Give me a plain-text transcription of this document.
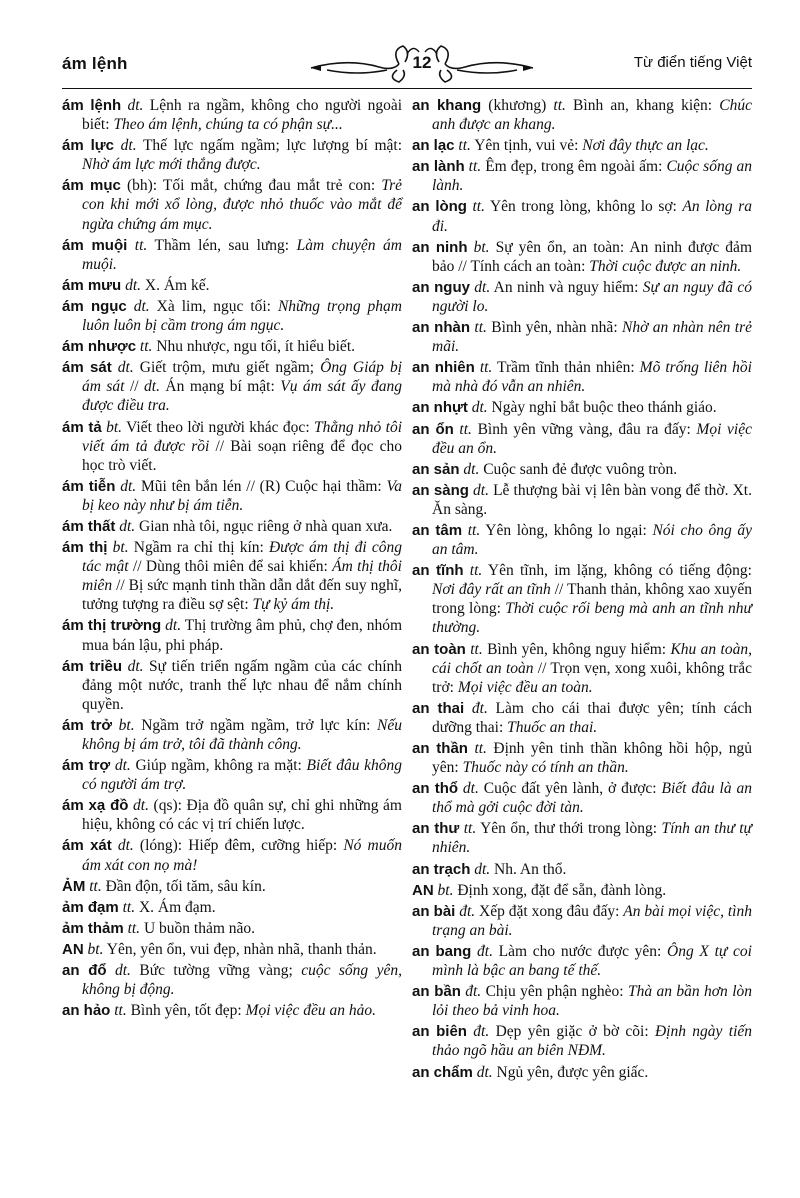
ám lệnh	12	Từ điển tiếng Việt
ám lệnh dt. Lệnh ra ngầm, không cho người ngoài biết: Theo ám lệnh, chúng ta có phận sự...
ám lực dt. Thế lực ngấm ngầm; lực lượng bí mật: Nhờ ám lực mới thắng được.
ám mục (bh): Tối mắt, chứng đau mắt trẻ con: Trẻ con khi mới xổ lòng, được nhỏ thuốc vào mắt để ngừa chứng ám mục.
ám muội tt. Thầm lén, sau lưng: Làm chuyện ám muội.
ám mưu dt. X. Ám kế.
ám ngục dt. Xà lim, ngục tối: Những trọng phạm luôn luôn bị cầm trong ám ngục.
ám nhược tt. Nhu nhược, ngu tối, ít hiểu biết.
ám sát dt. Giết trộm, mưu giết ngầm; Ông Giáp bị ám sát // dt. Án mạng bí mật: Vụ ám sát ấy đang được điều tra.
ám tả bt. Viết theo lời người khác đọc: Thằng nhỏ tôi viết ám tả được rồi // Bài soạn riêng để đọc cho học trò viết.
ám tiễn dt. Mũi tên bắn lén // (R) Cuộc hại thầm: Va bị keo này như bị ám tiễn.
ám thất dt. Gian nhà tôi, ngục riêng ở nhà quan xưa.
ám thị bt. Ngầm ra chỉ thị kín: Được ám thị đi công tác mật // Dùng thôi miên để sai khiến: Ám thị thôi miên // Bị sức mạnh tinh thần dẫn dắt đến suy nghĩ, tưởng tượng ra điều sợ sệt: Tự kỷ ám thị.
ám thị trường dt. Thị trường âm phủ, chợ đen, nhóm mua bán lậu, phi pháp.
ám triều dt. Sự tiến triển ngấm ngầm của các chính đảng một nước, tranh thế lực nhau để nắm chính quyền.
ám trở bt. Ngầm trở ngầm ngầm, trở lực kín: Nếu không bị ám trở, tôi đã thành công.
ám trợ dt. Giúp ngầm, không ra mặt: Biết đâu không có người ám trợ.
ám xạ đồ dt. (qs): Địa đồ quân sự, chỉ ghi những ám hiệu, không có các vị trí chiến lược.
ám xát dt. (lóng): Hiếp đêm, cưỡng hiếp: Nó muốn ám xát con nọ mà!
ẢM tt. Đần độn, tối tăm, sâu kín.
ảm đạm tt. X. Ám đạm.
ảm thảm tt. U buồn thảm não.
AN bt. Yên, yên ổn, vui đẹp, nhàn nhã, thanh thản.
an đổ dt. Bức tường vững vàng; cuộc sống yên, không bị động.
an hảo tt. Bình yên, tốt đẹp: Mọi việc đều an hảo.
an khang (khương) tt. Bình an, khang kiện: Chúc anh được an khang.
an lạc tt. Yên tịnh, vui vẻ: Nơi đây thực an lạc.
an lành tt. Êm đẹp, trong êm ngoài ấm: Cuộc sống an lành.
an lòng tt. Yên trong lòng, không lo sợ: An lòng ra đi.
an ninh bt. Sự yên ổn, an toàn: An ninh được đảm bảo // Tính cách an toàn: Thời cuộc được an ninh.
an nguy dt. An ninh và nguy hiểm: Sự an nguy đã có người lo.
an nhàn tt. Bình yên, nhàn nhã: Nhờ an nhàn nên trẻ mãi.
an nhiên tt. Trầm tĩnh thản nhiên: Mõ trống liên hồi mà nhà đó vẫn an nhiên.
an nhựt dt. Ngày nghỉ bắt buộc theo thánh giáo.
an ổn tt. Bình yên vững vàng, đâu ra đấy: Mọi việc đều an ổn.
an sản dt. Cuộc sanh đẻ được vuông tròn.
an sàng dt. Lễ thượng bài vị lên bàn vong để thờ. Xt. Ăn sàng.
an tâm tt. Yên lòng, không lo ngại: Nói cho ông ấy an tâm.
an tĩnh tt. Yên tĩnh, im lặng, không có tiếng động: Nơi đây rất an tĩnh // Thanh thản, không xao xuyến trong lòng: Thời cuộc rối beng mà anh an tĩnh như thường.
an toàn tt. Bình yên, không nguy hiểm: Khu an toàn, cái chốt an toàn // Trọn vẹn, xong xuôi, không trắc trở: Mọi việc đều an toàn.
an thai đt. Làm cho cái thai được yên; tính cách dưỡng thai: Thuốc an thai.
an thần tt. Định yên tinh thần không hồi hộp, ngủ yên: Thuốc này có tính an thần.
an thổ dt. Cuộc đất yên lành, ở được: Biết đâu là an thổ mà gởi cuộc đời tàn.
an thư tt. Yên ổn, thư thới trong lòng: Tính an thư tự nhiên.
an trạch dt. Nh. An thổ.
AN bt. Định xong, đặt để sẵn, đành lòng.
an bài đt. Xếp đặt xong đâu đấy: An bài mọi việc, tình trạng an bài.
an bang đt. Làm cho nước được yên: Ông X tự coi mình là bậc an bang tế thế.
an bần đt. Chịu yên phận nghèo: Thà an bần hơn lòn lỏi theo bả vinh hoa.
an biên đt. Dẹp yên giặc ở bờ cõi: Định ngày tiến thảo ngõ hầu an biên NĐM.
an chẩm dt. Ngủ yên, được yên giấc.
